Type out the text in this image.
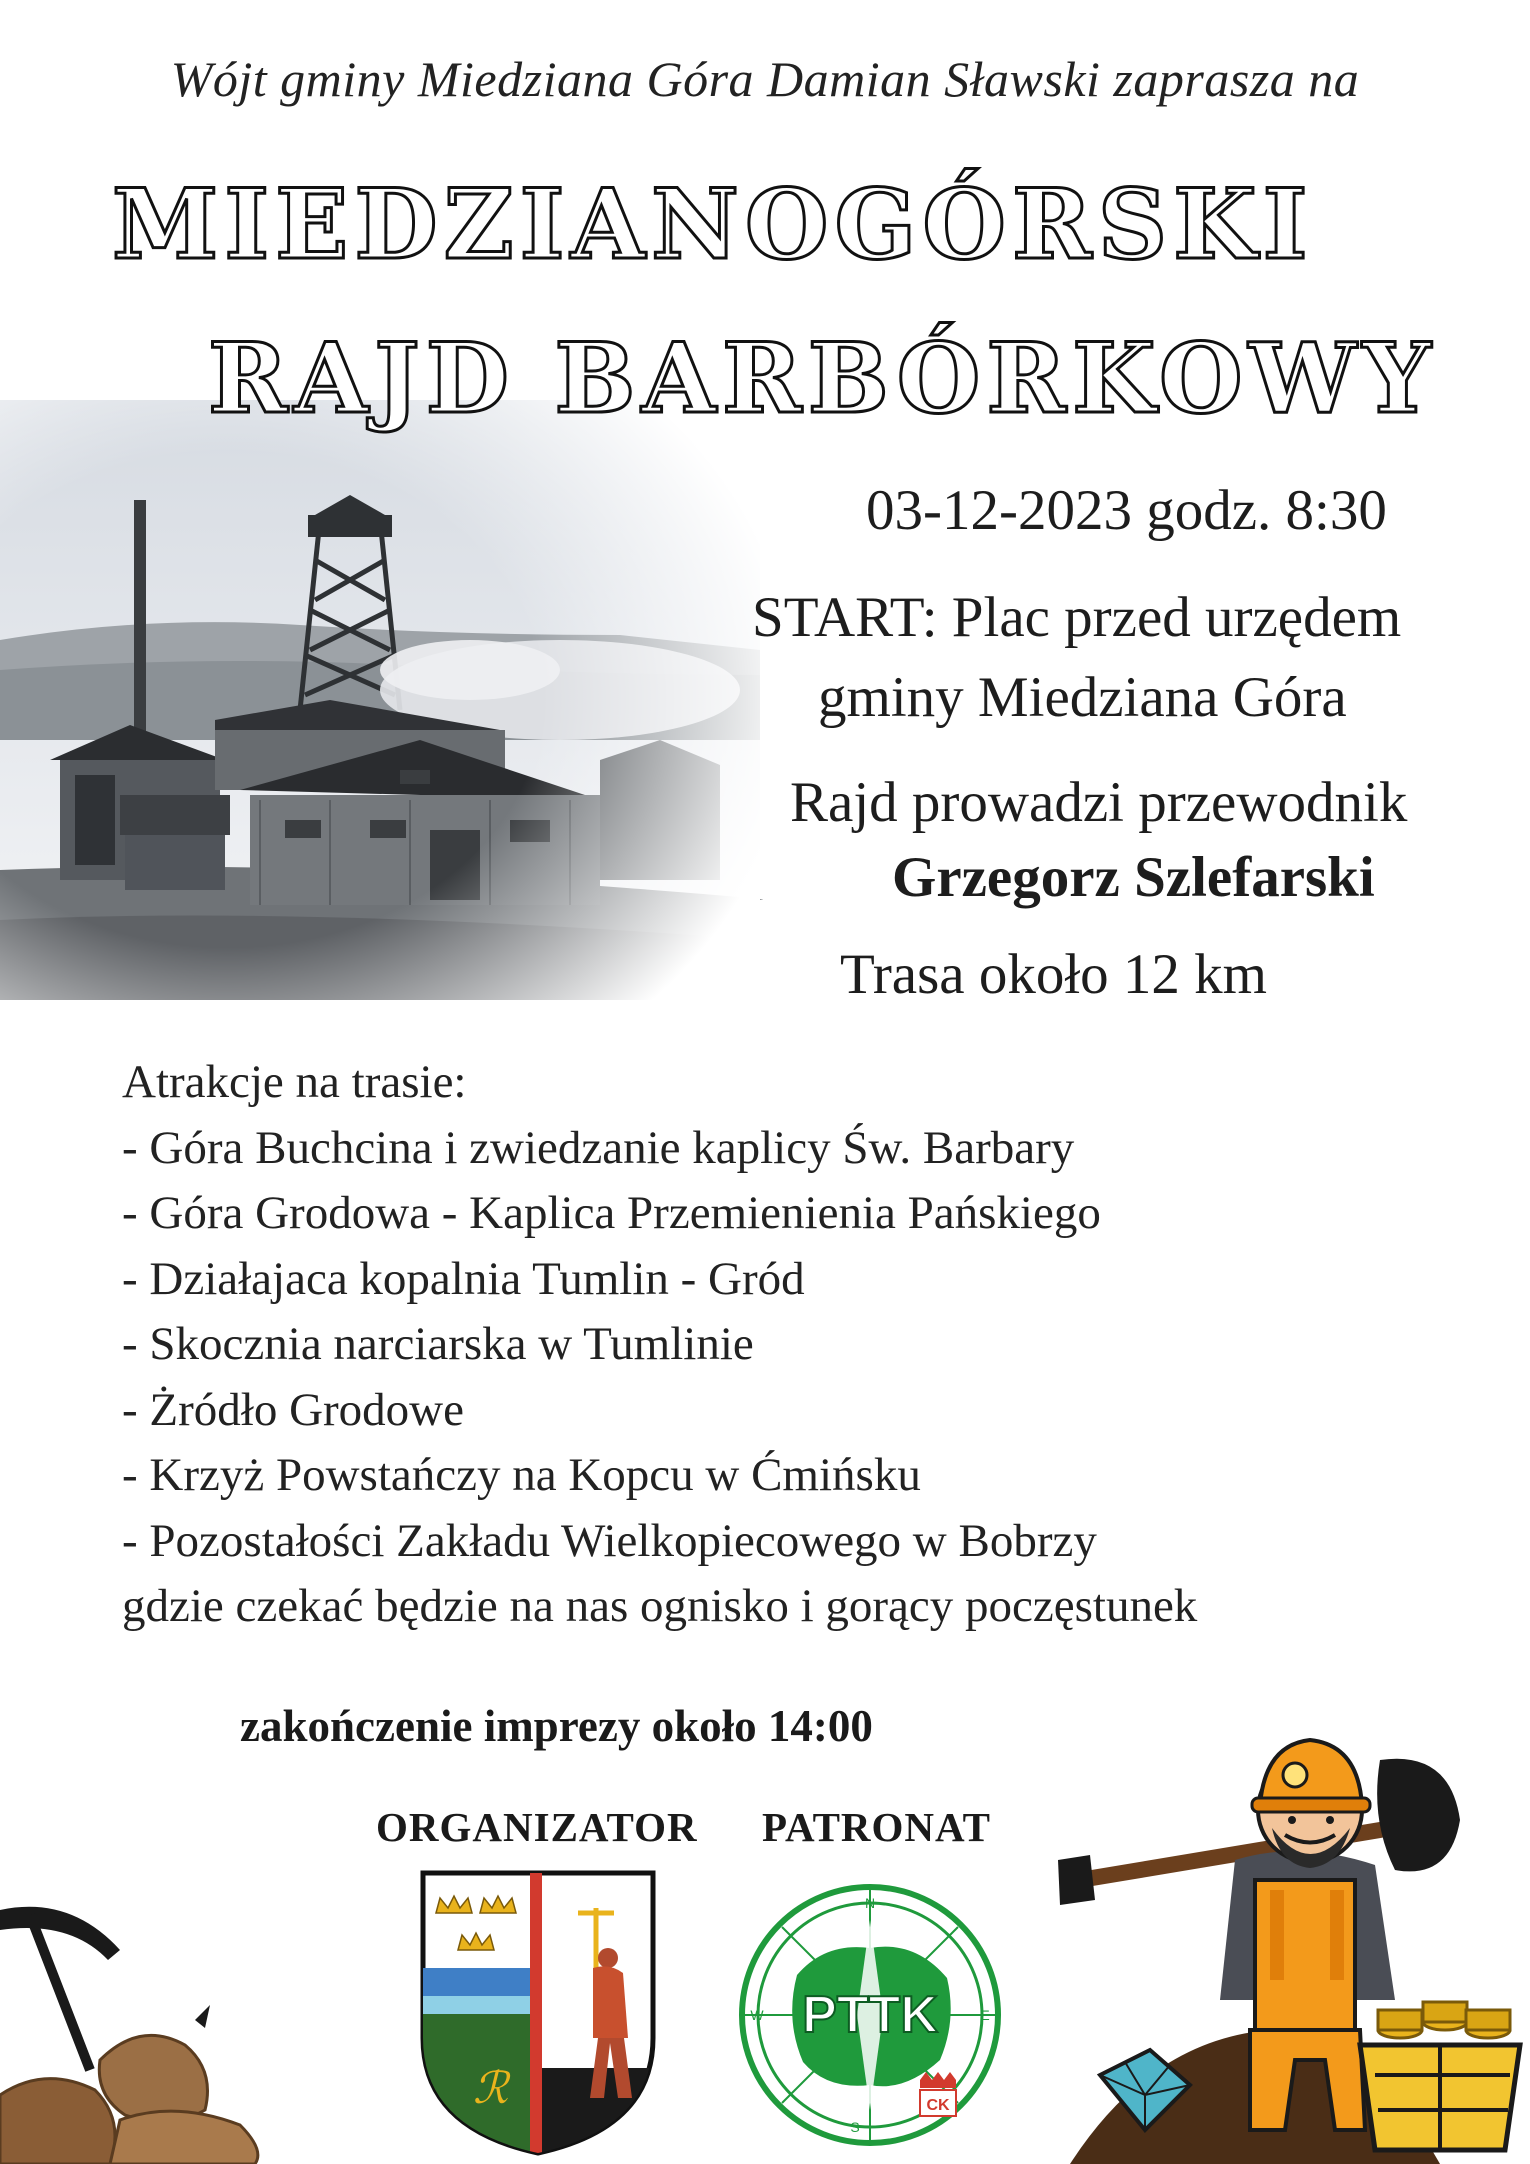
Wójt gminy Miedziana Góra Damian Sławski zaprasza na
MIEDZIANOGÓRSKI
RAJD BARBÓRKOWY
03-12-2023 godz. 8:30
START: Plac przed urzędem
gminy Miedziana Góra
Rajd prowadzi przewodnik
Grzegorz Szlefarski
Trasa około 12 km
Atrakcje na trasie:
- Góra Buchcina i zwiedzanie kaplicy Św. Barbary
- Góra Grodowa - Kaplica Przemienienia Pańskiego
- Działajaca kopalnia Tumlin - Gród
- Skocznia narciarska w Tumlinie
- Żródło Grodowe
- Krzyż Powstańczy na Kopcu w Ćmińsku
- Pozostałości Zakładu Wielkopiecowego w Bobrzy
gdzie czekać będzie na nas ognisko i gorący poczęstunek
zakończenie imprezy około 14:00
ORGANIZATOR PATRONAT
ℛ
PTTK
N
E
S
W
CK
